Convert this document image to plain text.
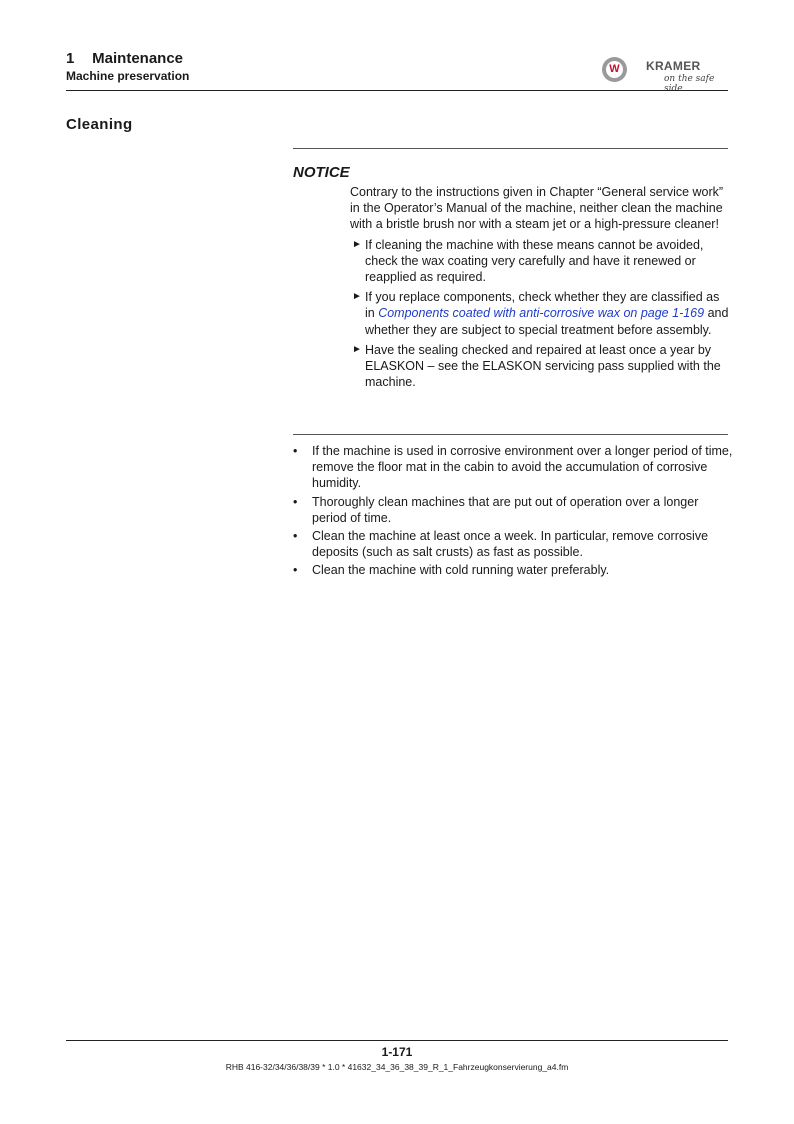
1 Maintenance
Machine preservation	W	KRAMER
on the safe side
Cleaning
NOTICE

Contrary to the instructions given in Chapter “General service work” in the Operator’s Manual of the machine, neither clean the machine with a bristle brush nor with a steam jet or a high-pressure cleaner!

► If cleaning the machine with these means cannot be avoided, check the wax coating very carefully and have it renewed or reapplied as required.
► If you replace components, check whether they are classified as in Components coated with anti-corrosive wax on page 1-169 and whether they are subject to special treatment before assembly.
► Have the sealing checked and repaired at least once a year by ELASKON – see the ELASKON servicing pass supplied with the machine.
• If the machine is used in corrosive environment over a longer period of time, remove the floor mat in the cabin to avoid the accumulation of corrosive humidity.
• Thoroughly clean machines that are put out of operation over a longer period of time.
• Clean the machine at least once a week. In particular, remove corrosive deposits (such as salt crusts) as fast as possible.
• Clean the machine with cold running water preferably.
1-171
RHB 416-32/34/36/38/39 * 1.0 * 41632_34_36_38_39_R_1_Fahrzeugkonservierung_a4.fm
